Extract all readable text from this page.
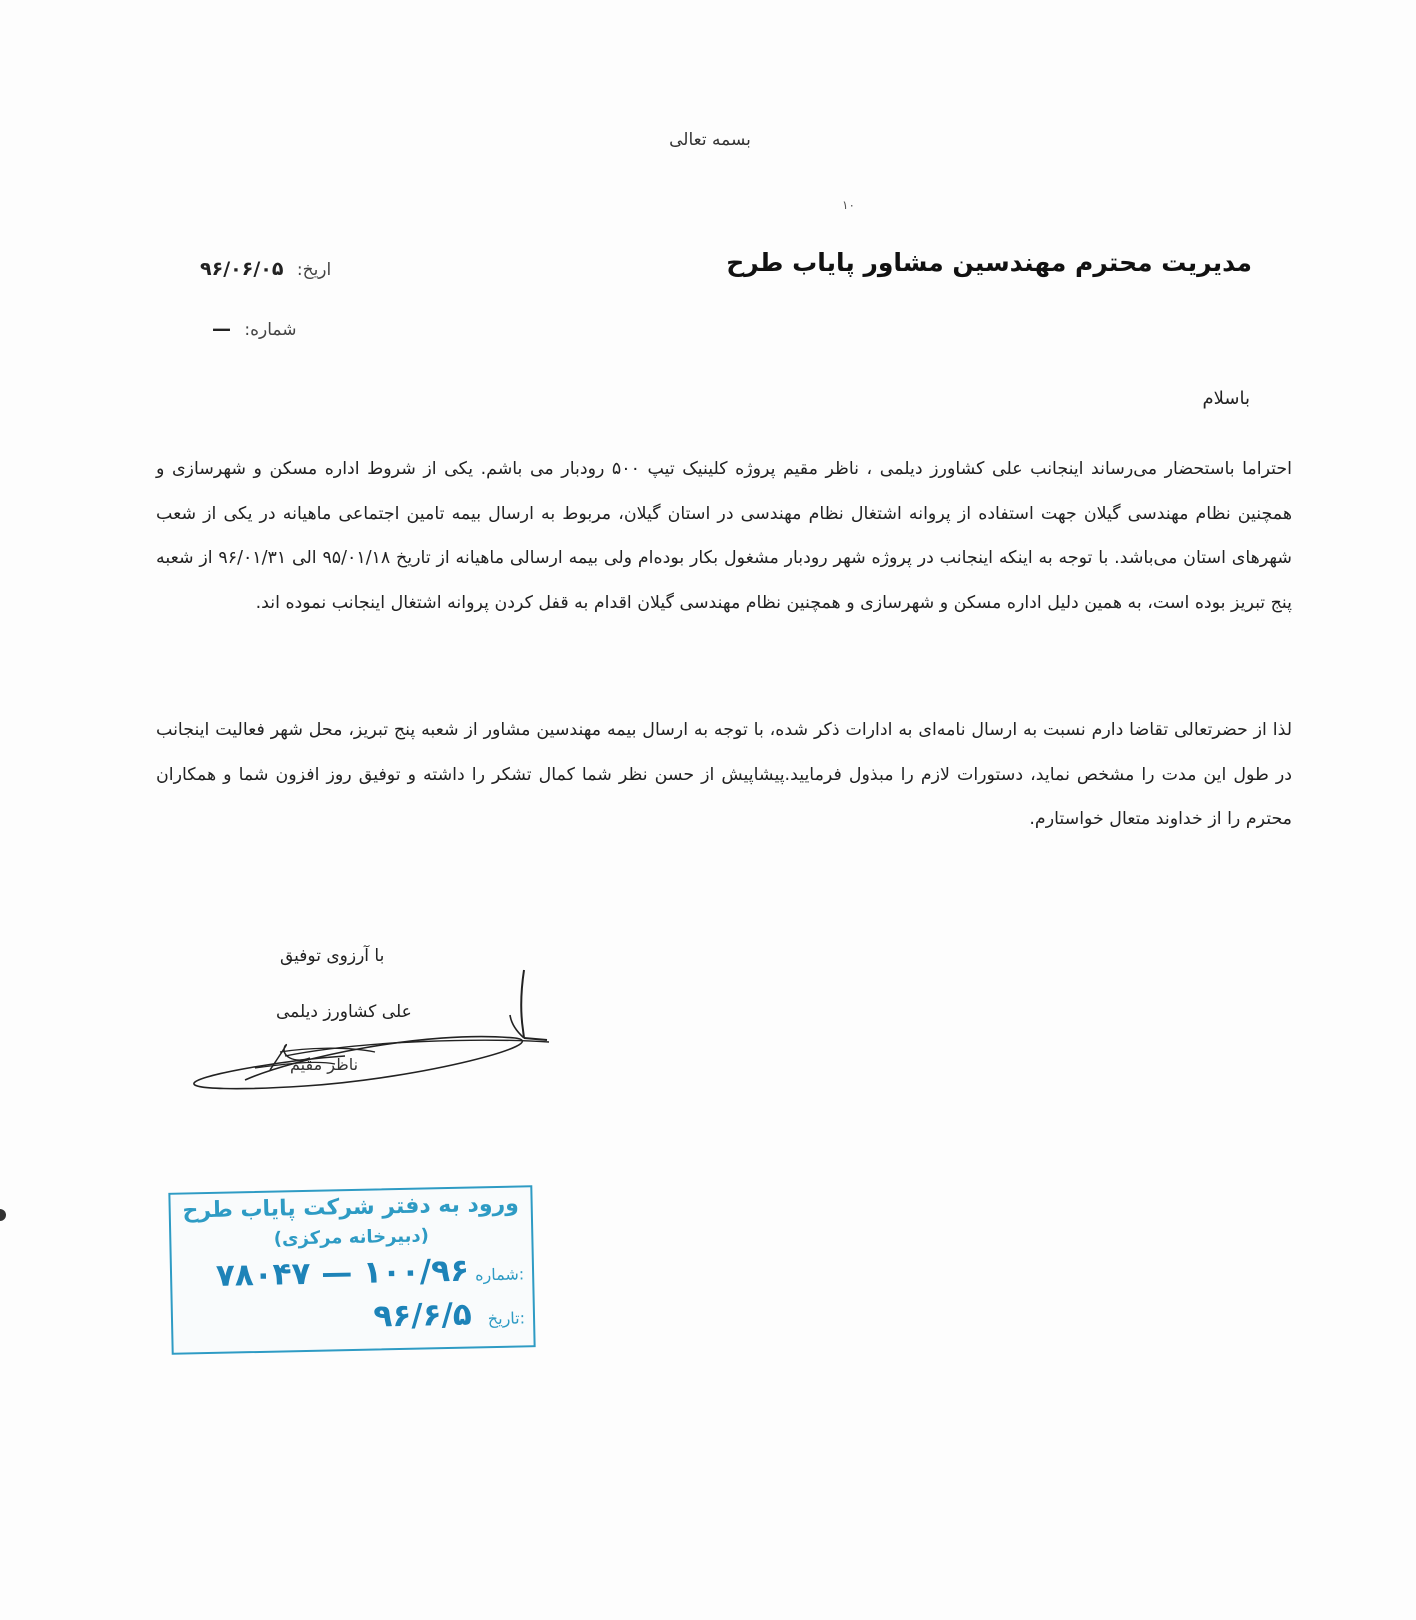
بسمه تعالی
۱۰
مدیریت محترم مهندسین مشاور پایاب طرح
اریخ: ۹۶/۰۶/۰۵
شماره: —
باسلام
احتراما باستحضار می‌رساند اینجانب علی کشاورز دیلمی ، ناظر مقیم پروژه کلینیک تیپ ۵۰۰ رودبار می باشم. یکی از شروط اداره مسکن و شهرسازی و همچنین نظام مهندسی گیلان جهت استفاده از پروانه اشتغال نظام مهندسی در استان گیلان، مربوط به ارسال بیمه تامین اجتماعی ماهیانه در یکی از شعب شهرهای استان می‌باشد. با توجه به اینکه اینجانب در پروژه شهر رودبار مشغول بکار بوده‌ام ولی بیمه ارسالی ماهیانه از تاریخ ۹۵/۰۱/۱۸ الی ۹۶/۰۱/۳۱ از شعبه پنج تبریز بوده است، به همین دلیل اداره مسکن و شهرسازی و همچنین نظام مهندسی گیلان اقدام به قفل کردن پروانه اشتغال اینجانب نموده اند.
لذا از حضرتعالی تقاضا دارم نسبت به ارسال نامه‌ای به ادارات ذکر شده، با توجه به ارسال بیمه مهندسین مشاور از شعبه پنج تبریز، محل شهر فعالیت اینجانب در طول این مدت را مشخص نماید، دستورات لازم را مبذول فرمایید.پیشاپیش از حسن نظر شما کمال تشکر را داشته و توفیق روز افزون شما و همکاران محترم را از خداوند متعال خواستارم.
با آرزوی توفیق
علی کشاورز دیلمی
ناظر مقیم
ورود به دفتر شرکت پایاب طرح
(دبیرخانه مرکزی)
شماره:
۱۰۰/۹۶ — ۷۸۰۴۷
تاریخ:
۹۶/۶/۵
